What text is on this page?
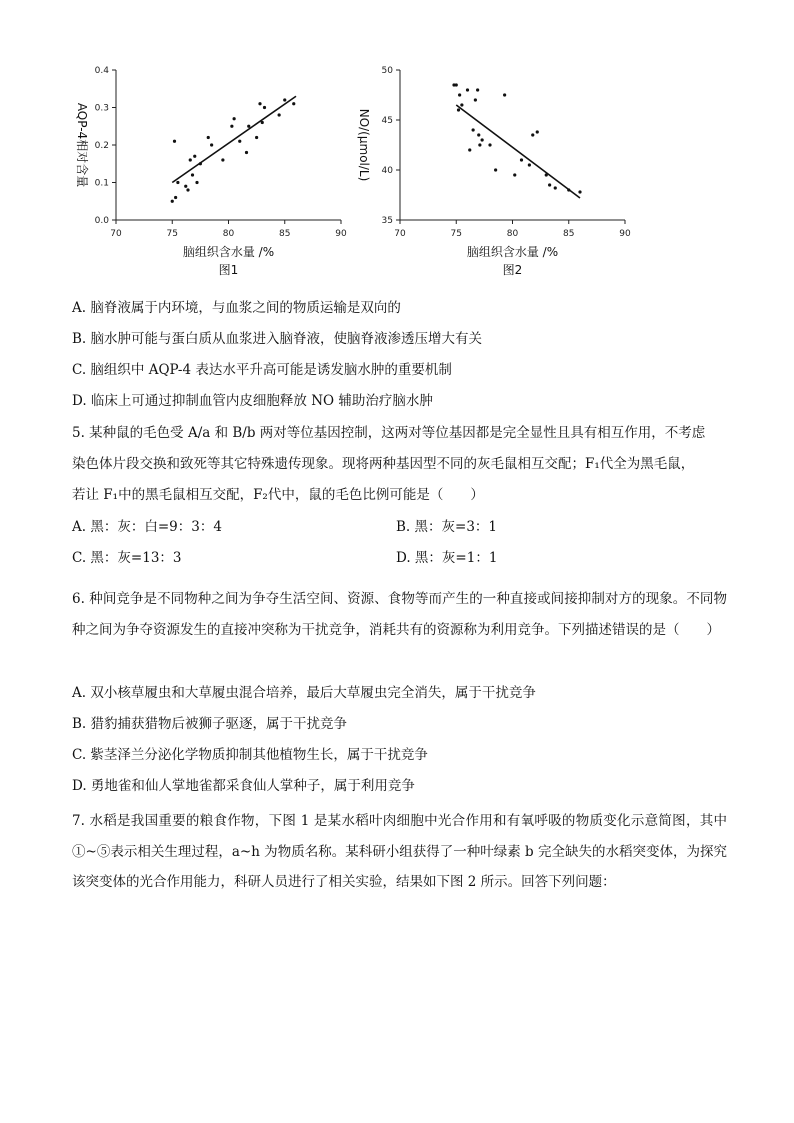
70	75	80	85	90
0.0
0.1
0.2
0.3
0.4
脑组织含水量 /%
AQP-4相对含量
图1
70	75	80	85	90
35
40
45
50
脑组织含水量 /%
NO/(μmol/L)
图2
A. 脑脊液属于内环境，与血浆之间的物质运输是双向的
B. 脑水肿可能与蛋白质从血浆进入脑脊液，使脑脊液渗透压增大有关
C. 脑组织中 AQP-4 表达水平升高可能是诱发脑水肿的重要机制
D. 临床上可通过抑制血管内皮细胞释放 NO 辅助治疗脑水肿
5. 某种鼠的毛色受 A/a 和 B/b 两对等位基因控制，这两对等位基因都是完全显性且具有相互作用，不考虑
染色体片段交换和致死等其它特殊遗传现象。现将两种基因型不同的灰毛鼠相互交配；F₁代全为黑毛鼠，
若让 F₁中的黑毛鼠相互交配，F₂代中，鼠的毛色比例可能是（　　）
A. 黑：灰：白=9：3：4	B. 黑：灰=3：1
C. 黑：灰=13：3	D. 黑：灰=1：1
6. 种间竞争是不同物种之间为争夺生活空间、资源、食物等而产生的一种直接或间接抑制对方的现象。不同物种之间为争夺资源发生的直接冲突称为干扰竞争，消耗共有的资源称为利用竞争。下列描述错误的是（　　）
A. 双小核草履虫和大草履虫混合培养，最后大草履虫完全消失，属于干扰竞争
B. 猎豹捕获猎物后被狮子驱逐，属于干扰竞争
C. 紫茎泽兰分泌化学物质抑制其他植物生长，属于干扰竞争
D. 勇地雀和仙人掌地雀都采食仙人掌种子，属于利用竞争
7. 水稻是我国重要的粮食作物，下图 1 是某水稻叶肉细胞中光合作用和有氧呼吸的物质变化示意简图，其中①~⑤表示相关生理过程，a~h 为物质名称。某科研小组获得了一种叶绿素 b 完全缺失的水稻突变体，为探究该突变体的光合作用能力，科研人员进行了相关实验，结果如下图 2 所示。回答下列问题：
